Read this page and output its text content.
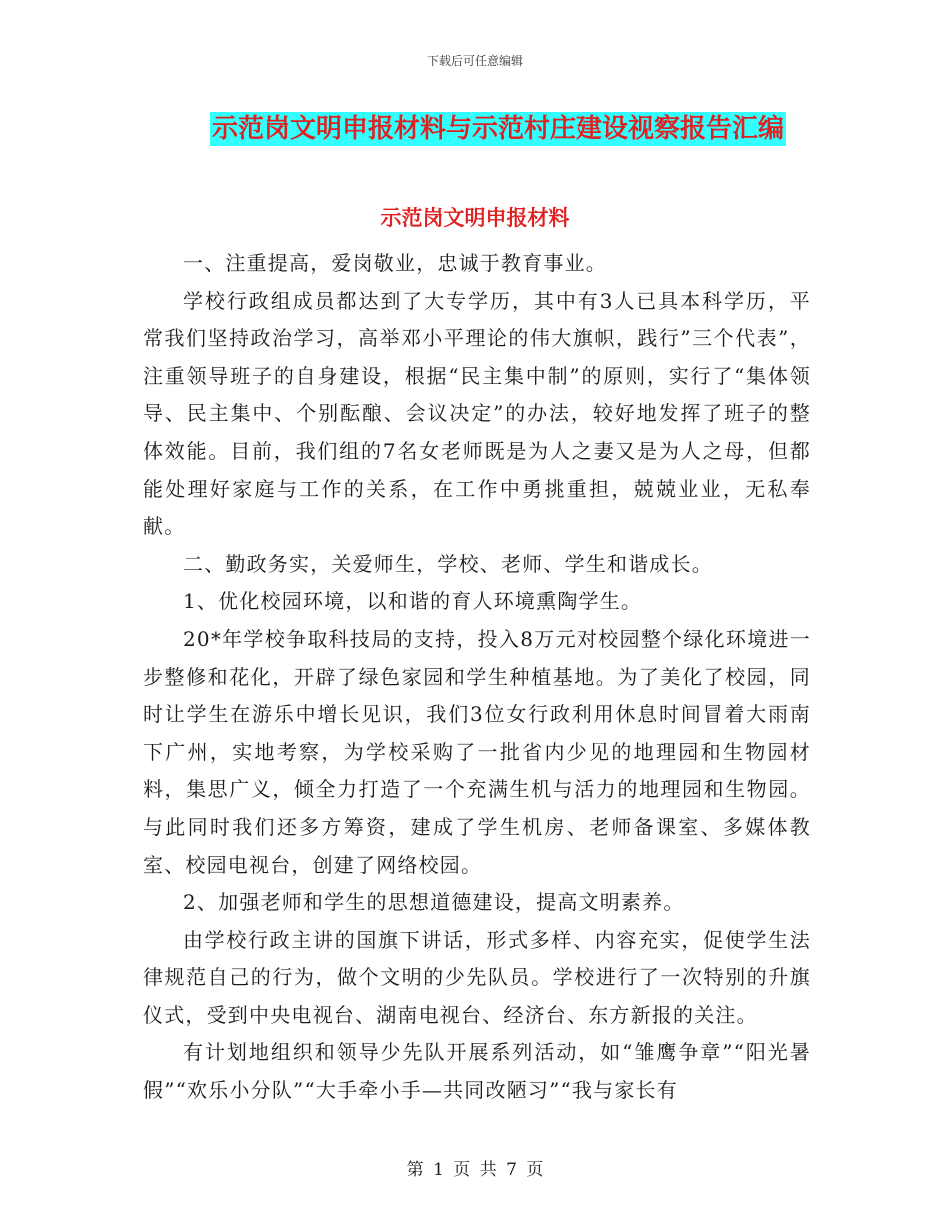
下载后可任意编辑
示范岗文明申报材料与示范村庄建设视察报告汇编
示范岗文明申报材料

一、注重提高，爱岗敬业，忠诚于教育事业。

学校行政组成员都达到了大专学历，其中有3人已具本科学历，平常我们坚持政治学习，高举邓小平理论的伟大旗帜，践行”三个代表”，注重领导班子的自身建设，根据“民主集中制”的原则，实行了“集体领导、民主集中、个别酝酿、会议决定”的办法，较好地发挥了班子的整体效能。目前，我们组的7名女老师既是为人之妻又是为人之母，但都能处理好家庭与工作的关系，在工作中勇挑重担，兢兢业业，无私奉献。

二、勤政务实，关爱师生，学校、老师、学生和谐成长。

1、优化校园环境，以和谐的育人环境熏陶学生。

20*年学校争取科技局的支持，投入8万元对校园整个绿化环境进一步整修和花化，开辟了绿色家园和学生种植基地。为了美化了校园，同时让学生在游乐中增长见识，我们3位女行政利用休息时间冒着大雨南下广州，实地考察，为学校采购了一批省内少见的地理园和生物园材料，集思广义，倾全力打造了一个充满生机与活力的地理园和生物园。与此同时我们还多方筹资，建成了学生机房、老师备课室、多媒体教室、校园电视台，创建了网络校园。

2、加强老师和学生的思想道德建设，提高文明素养。

由学校行政主讲的国旗下讲话，形式多样、内容充实，促使学生法律规范自己的行为，做个文明的少先队员。学校进行了一次特别的升旗仪式，受到中央电视台、湖南电视台、经济台、东方新报的关注。

有计划地组织和领导少先队开展系列活动，如“雏鹰争章”“阳光暑假”“欢乐小分队”“大手牵小手—共同改陋习”“我与家长有

第 1 页 共 7 页
